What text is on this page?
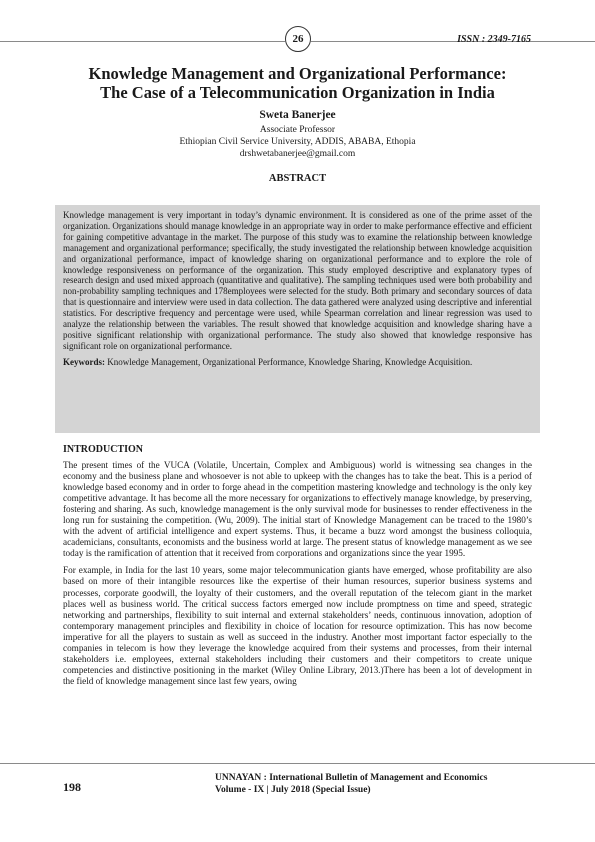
26	ISSN : 2349-7165
Knowledge Management and Organizational Performance:
The Case of a Telecommunication Organization in India
Sweta Banerjee
Associate Professor
Ethiopian Civil Service University, ADDIS, ABABA, Ethopia
drshwetabanerjee@gmail.com
ABSTRACT

Knowledge management is very important in today’s dynamic environment. It is considered as one of the prime asset of the organization. Organizations should manage knowledge in an appropriate way in order to make performance effective and efficient for gaining competitive advantage in the market. The purpose of this study was to examine the relationship between knowledge management and organizational performance; specifically, the study investigated the relationship between knowledge acquisition and organizational performance, impact of knowledge sharing on organizational performance and to explore the role of knowledge responsiveness on performance of the organization. This study employed descriptive and explanatory types of research design and used mixed approach (quantitative and qualitative). The sampling techniques used were both probability and non-probability sampling techniques and 178employees were selected for the study. Both primary and secondary sources of data that is questionnaire and interview were used in data collection. The data gathered were analyzed using descriptive and inferential statistics. For descriptive frequency and percentage were used, while Spearman correlation and linear regression was used to analyze the relationship between the variables. The result showed that knowledge acquisition and knowledge sharing have a positive significant relationship with organizational performance. The study also showed that knowledge responsive has significant role on organizational performance.

Keywords: Knowledge Management, Organizational Performance, Knowledge Sharing, Knowledge Acquisition.

INTRODUCTION

The present times of the VUCA (Volatile, Uncertain, Complex and Ambiguous) world is witnessing sea changes in the economy and the business plane and whosoever is not able to upkeep with the changes has to take the beat. This is a period of knowledge based economy and in order to forge ahead in the competition mastering knowledge and technology is the only key competitive advantage. It has become all the more necessary for organizations to effectively manage knowledge, by preserving, fostering and sharing. As such, knowledge management is the only survival mode for businesses to render effectiveness in the long run for sustaining the competition. (Wu, 2009). The initial start of Knowledge Management can be traced to the 1980’s with the advent of artificial intelligence and expert systems. Thus, it became a buzz word amongst the business colloquia, academicians, consultants, economists and the business world at large. The present status of knowledge management as we see today is the ramification of attention that it received from corporations and organizations since the year 1995.

For example, in India for the last 10 years, some major telecommunication giants have emerged, whose profitability are also based on more of their intangible resources like the expertise of their human resources, superior business systems and processes, corporate goodwill, the loyalty of their customers, and the overall reputation of the telecom giant in the market places well as business world. The critical success factors emerged now include promptness on time and speed, strategic networking and partnerships, flexibility to suit internal and external stakeholders’ needs, continuous innovation, adoption of contemporary management principles and flexibility in choice of location for resource optimization. This has now become imperative for all the players to sustain as well as succeed in the industry. Another most important factor especially to the companies in telecom is how they leverage the knowledge acquired from their systems and processes, from their internal stakeholders i.e. employees, external stakeholders including their customers and their competitors to create unique competencies and distinctive positioning in the market (Wiley Online Library, 2013.)There has been a lot of development in the field of knowledge management since last few years, owing

198
UNNAYAN : International Bulletin of Management and Economics
Volume - IX | July 2018 (Special Issue)
